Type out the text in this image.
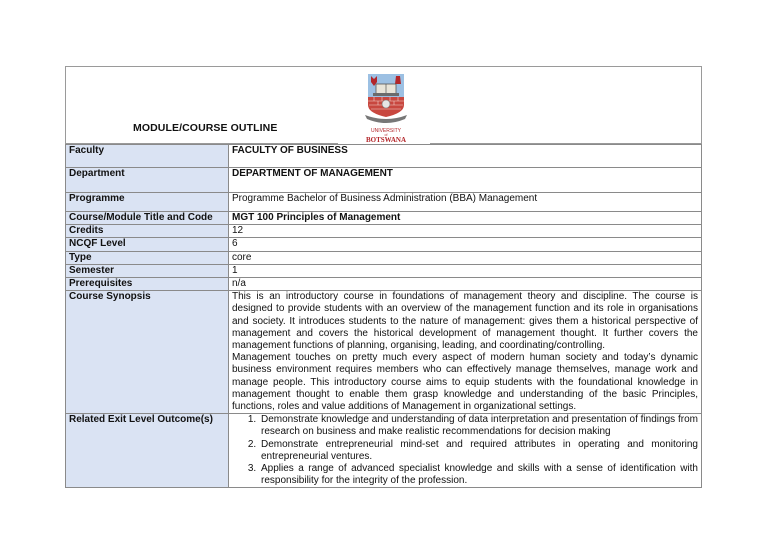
MODULE/COURSE OUTLINE	UNIVERSITY
of
BOTSWANA
Faculty	FACULTY OF BUSINESS
Department	DEPARTMENT OF MANAGEMENT
Programme	Programme Bachelor of Business Administration (BBA) Management
Course/Module Title and Code	MGT 100 Principles of Management
Credits	12
NCQF Level	6
Type	core
Semester	1
Prerequisites	n/a
Course Synopsis	This is an introductory course in foundations of management theory and discipline. The course is designed to provide students with an overview of the management function and its role in organisations and society. It introduces students to the nature of management: gives them a historical perspective of management and covers the historical development of management thought. It further covers the management functions of planning, organising, leading, and coordinating/controlling.
Management touches on pretty much every aspect of modern human society and today’s dynamic business environment requires members who can effectively manage themselves, manage work and manage people. This introductory course aims to equip students with the foundational knowledge in management thought to enable them grasp knowledge and understanding of the basic Principles, functions, roles and value additions of Management in organizational settings.

Related Exit Level Outcome(s)	
1.Demonstrate knowledge and understanding of data interpretation and presentation of findings from research on business and make realistic recommendations for decision making
2. Demonstrate entrepreneurial mind-set and required attributes in operating and monitoring entrepreneurial ventures.
3. Applies a range of advanced specialist knowledge and skills with a sense of identification with responsibility for the integrity of the profession.
